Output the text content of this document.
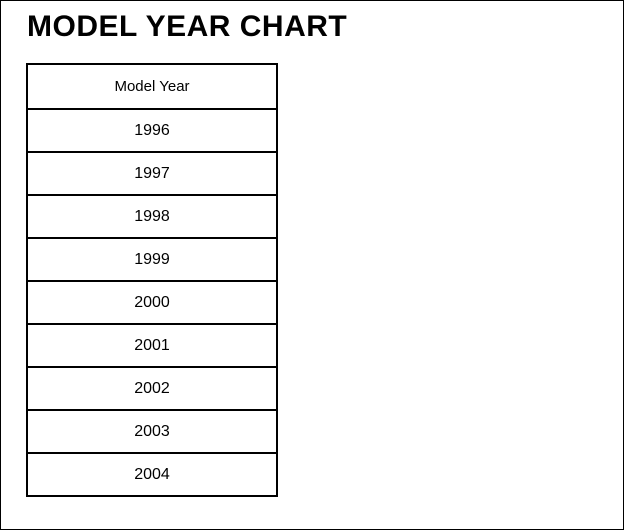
MODEL YEAR CHART
Model Year
1996
1997
1998
1999
2000
2001
2002
2003
2004
